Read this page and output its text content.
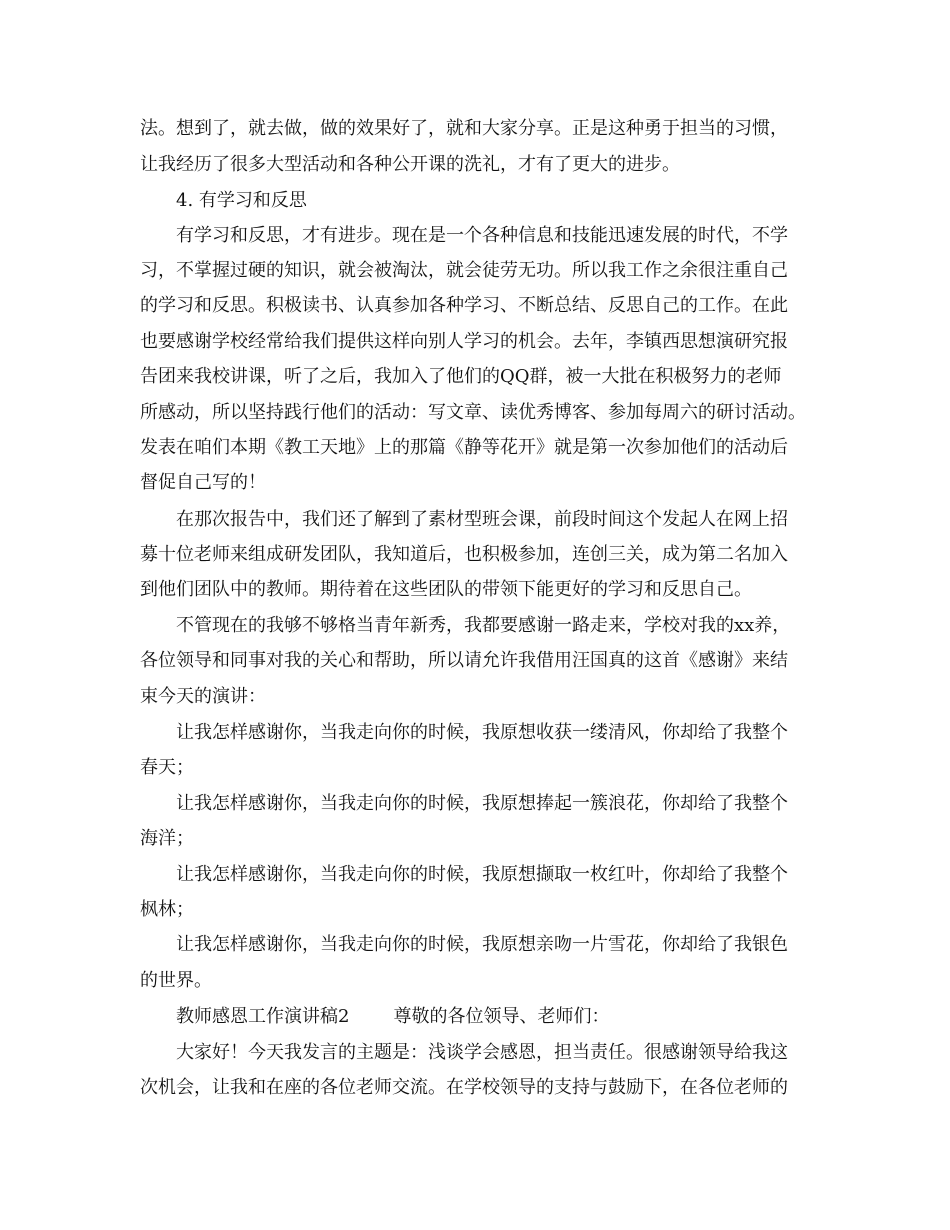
法。想到了，就去做，做的效果好了，就和大家分享。正是这种勇于担当的习惯，
让我经历了很多大型活动和各种公开课的洗礼，才有了更大的进步。
4. 有学习和反思
有学习和反思，才有进步。现在是一个各种信息和技能迅速发展的时代，不学
习，不掌握过硬的知识，就会被淘汰，就会徒劳无功。所以我工作之余很注重自己
的学习和反思。积极读书、认真参加各种学习、不断总结、反思自己的工作。在此
也要感谢学校经常给我们提供这样向别人学习的机会。去年，李镇西思想演研究报
告团来我校讲课，听了之后，我加入了他们的QQ群，被一大批在积极努力的老师
所感动，所以坚持践行他们的活动：写文章、读优秀博客、参加每周六的研讨活动。
发表在咱们本期《教工天地》上的那篇《静等花开》就是第一次参加他们的活动后
督促自己写的！
在那次报告中，我们还了解到了素材型班会课，前段时间这个发起人在网上招
募十位老师来组成研发团队，我知道后，也积极参加，连创三关，成为第二名加入
到他们团队中的教师。期待着在这些团队的带领下能更好的学习和反思自己。
不管现在的我够不够格当青年新秀，我都要感谢一路走来，学校对我的xx养，
各位领导和同事对我的关心和帮助，所以请允许我借用汪国真的这首《感谢》来结
束今天的演讲：
让我怎样感谢你，当我走向你的时候，我原想收获一缕清风，你却给了我整个
春天；
让我怎样感谢你，当我走向你的时候，我原想捧起一簇浪花，你却给了我整个
海洋；
让我怎样感谢你，当我走向你的时候，我原想撷取一枚红叶，你却给了我整个
枫林；
让我怎样感谢你，当我走向你的时候，我原想亲吻一片雪花，你却给了我银色
的世界。
教师感恩工作演讲稿2 尊敬的各位领导、老师们：
大家好！今天我发言的主题是：浅谈学会感恩，担当责任。很感谢领导给我这
次机会，让我和在座的各位老师交流。在学校领导的支持与鼓励下，在各位老师的
